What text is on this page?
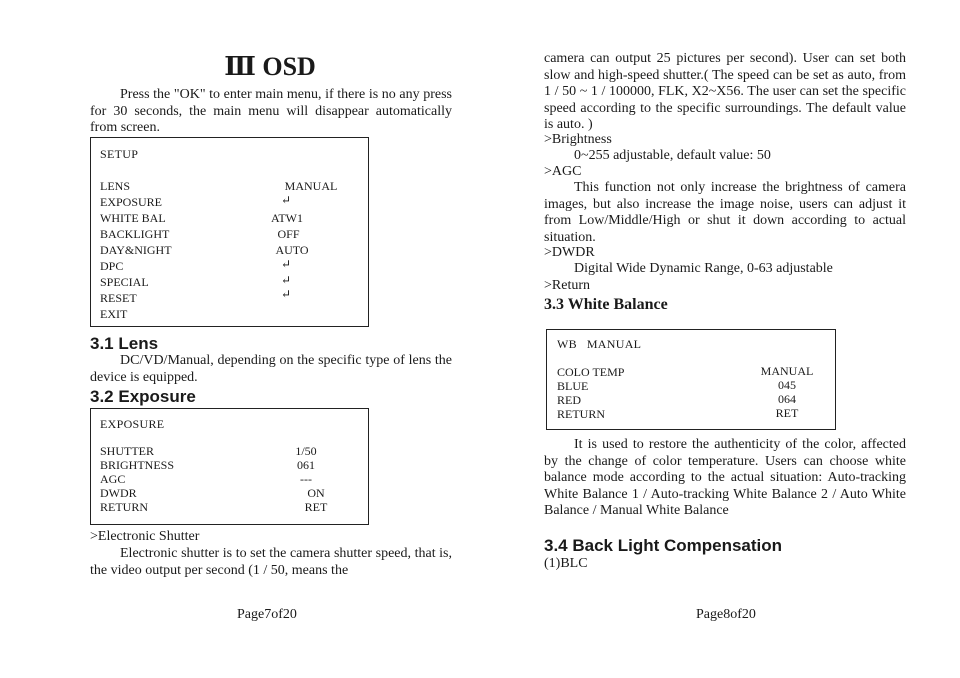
Ⅲ OSD

Press the "OK" to enter main menu, if there is no any press for 30 seconds, the main menu will disappear automatically from screen.

SETUP
LENS	MANUAL
EXPOSURE	↵
WHITE BAL	ATW1
BACKLIGHT	OFF
DAY&NIGHT	AUTO
DPC	↵
SPECIAL	↵
RESET	↵
EXIT
3.1 Lens

DC/VD/Manual, depending on the specific type of lens the device is equipped.

3.2 Exposure
EXPOSURE
SHUTTER	1/50
BRIGHTNESS	061
AGC	---
DWDR	ON
RETURN	RET

>Electronic Shutter

Electronic shutter is to set the camera shutter speed, that is, the video output per second (1 / 50, means the

Page7of20

camera can output 25 pictures per second). User can set both slow and high-speed shutter.( The speed can be set as auto, from 1 / 50 ~ 1 / 100000, FLK, X2~X56. The user can set the specific speed according to the specific surroundings. The default value is auto. )

>Brightness

0~255 adjustable, default value: 50

>AGC

This function not only increase the brightness of camera images, but also increase the image noise, users can adjust it from Low/Middle/High or shut it down according to actual situation.

>DWDR

Digital Wide Dynamic Range, 0-63 adjustable

>Return

3.3 White Balance
WB   MANUAL
COLO TEMP	MANUAL
BLUE	045
RED	064
RETURN	RET

It is used to restore the authenticity of the color, affected by the change of color temperature. Users can choose white balance mode according to the actual situation: Auto-tracking White Balance 1 / Auto-tracking White Balance 2 / Auto White Balance / Manual White Balance

3.4 Back Light Compensation

(1)BLC

Page8of20
